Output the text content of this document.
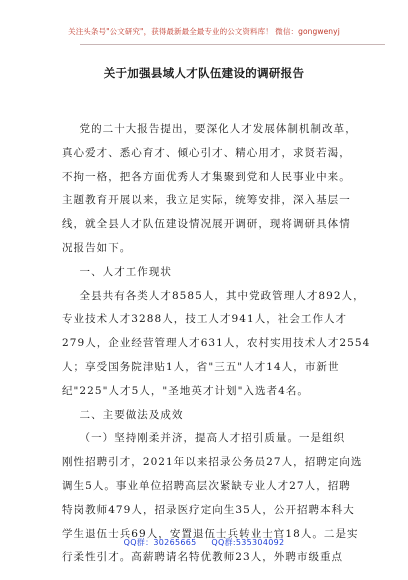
关注头条号"公文研究"，获得最新最全最专业的公文资料库！ 微信：gongwenyj
关于加强县域人才队伍建设的调研报告

党的二十大报告提出，要深化人才发展体制机制改革，

真心爱才、悉心育才、倾心引才、精心用才，求贤若渴，

不拘一格，把各方面优秀人才集聚到党和人民事业中来。

主题教育开展以来，我立足实际，统筹安排，深入基层一

线，就全县人才队伍建设情况展开调研，现将调研具体情

况报告如下。

一、人才工作现状

全县共有各类人才8585人，其中党政管理人才892人，

专业技术人才3288人，技工人才941人，社会工作人才

279人，企业经营管理人才631人，农村实用技术人才2554

人；享受国务院津贴1人，省"三五"人才14人，市新世

纪"225"人才5人，"圣地英才计划"入选者4名。

二、主要做法及成效

（一）坚持刚柔并济，提高人才招引质量。一是组织

刚性招聘引才，2021年以来招录公务员27人，招聘定向选

调生5人。事业单位招聘高层次紧缺专业人才27人，招聘

特岗教师479人，招录医疗定向生35人，公开招聘本科大

学生退伍士兵69人，安置退伍士兵转业士官18人。二是实

行柔性引才。高薪聘请名特优教师23人，外聘市级重点

QQ群：30265665 QQ群:535304092
